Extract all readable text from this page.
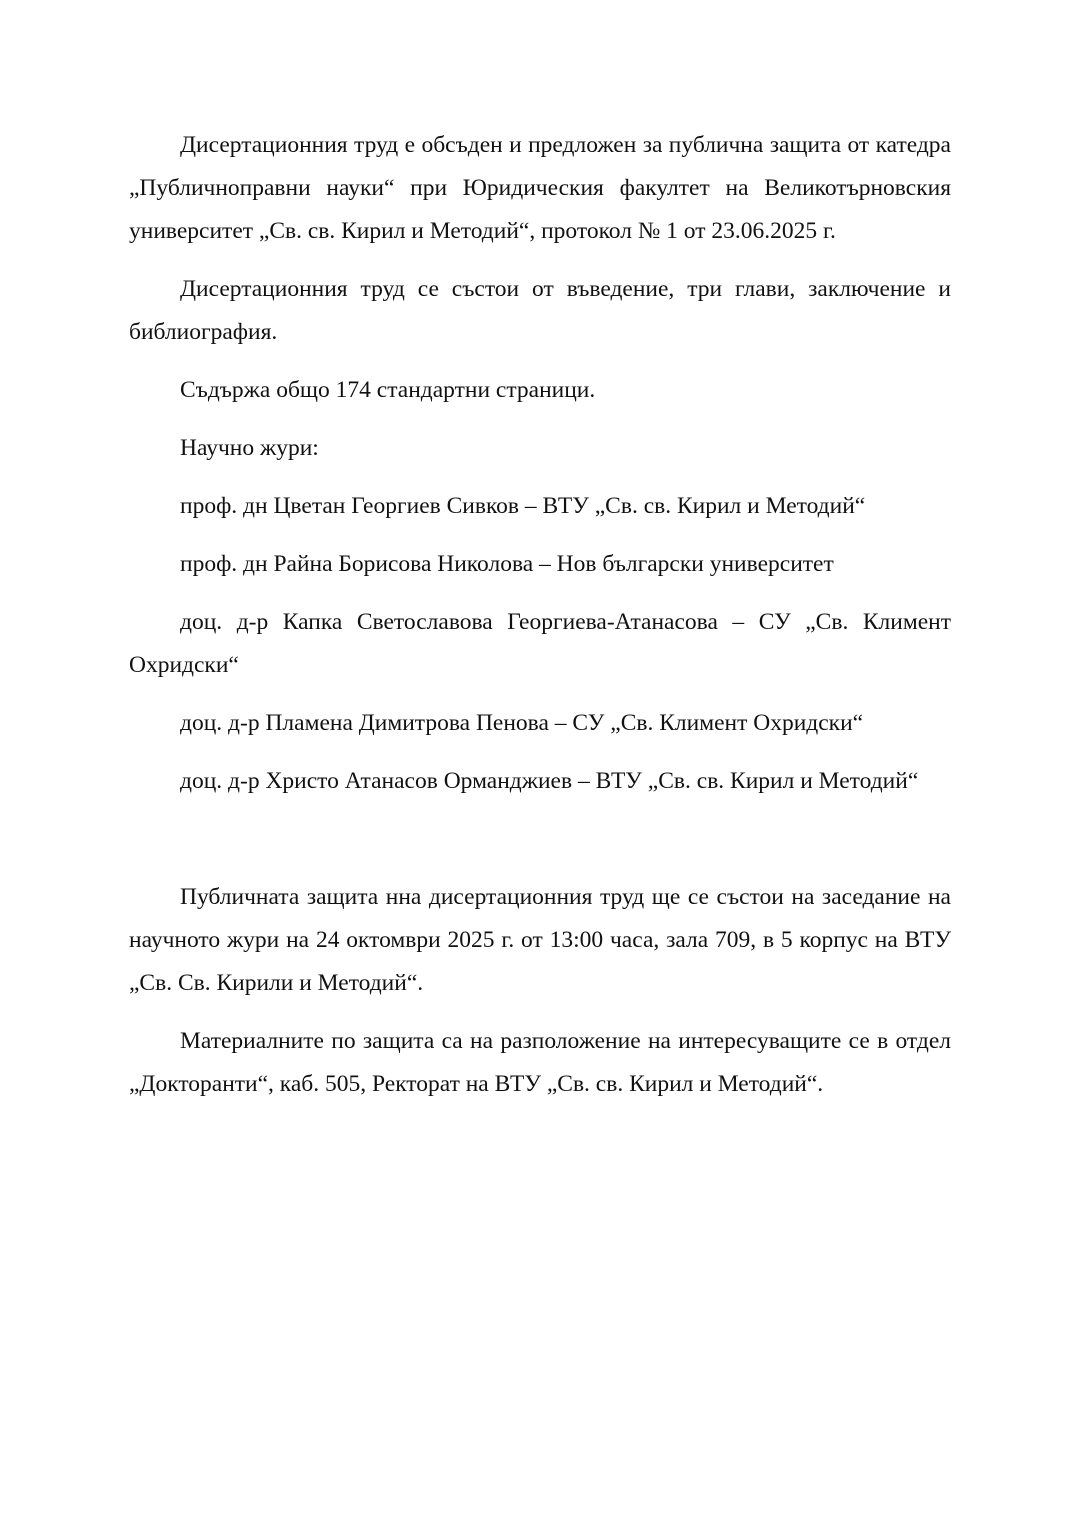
Дисертационния труд е обсъден и предложен за публична защита от катедра „Публичноправни науки“ при Юридическия факултет на Великотърновския университет „Св. св. Кирил и Методий“, протокол № 1 от 23.06.2025 г.

Дисертационния труд се състои от въведение, три глави, заключение и библиография.

Съдържа общо 174 стандартни страници.

Научно жури:

проф. дн Цветан Георгиев Сивков – ВТУ „Св. св. Кирил и Методий“

проф. дн Райна Борисова Николова – Нов български университет

доц. д-р Капка Светославова Георгиева-Атанасова – СУ „Св. Климент Охридски“

доц. д-р Пламена Димитрова Пенова – СУ „Св. Климент Охридски“

доц. д-р Христо Атанасов Орманджиев – ВТУ „Св. св. Кирил и Методий“

Публичната защита нна дисертационния труд ще се състои на заседание на научното жури на 24 октомври 2025 г. от 13:00 часа, зала 709, в 5 корпус на ВТУ „Св. Св. Кирили и Методий“.

Материалните по защита са на разположение на интересуващите се в отдел „Докторанти“, каб. 505, Ректорат на ВТУ „Св. св. Кирил и Методий“.
